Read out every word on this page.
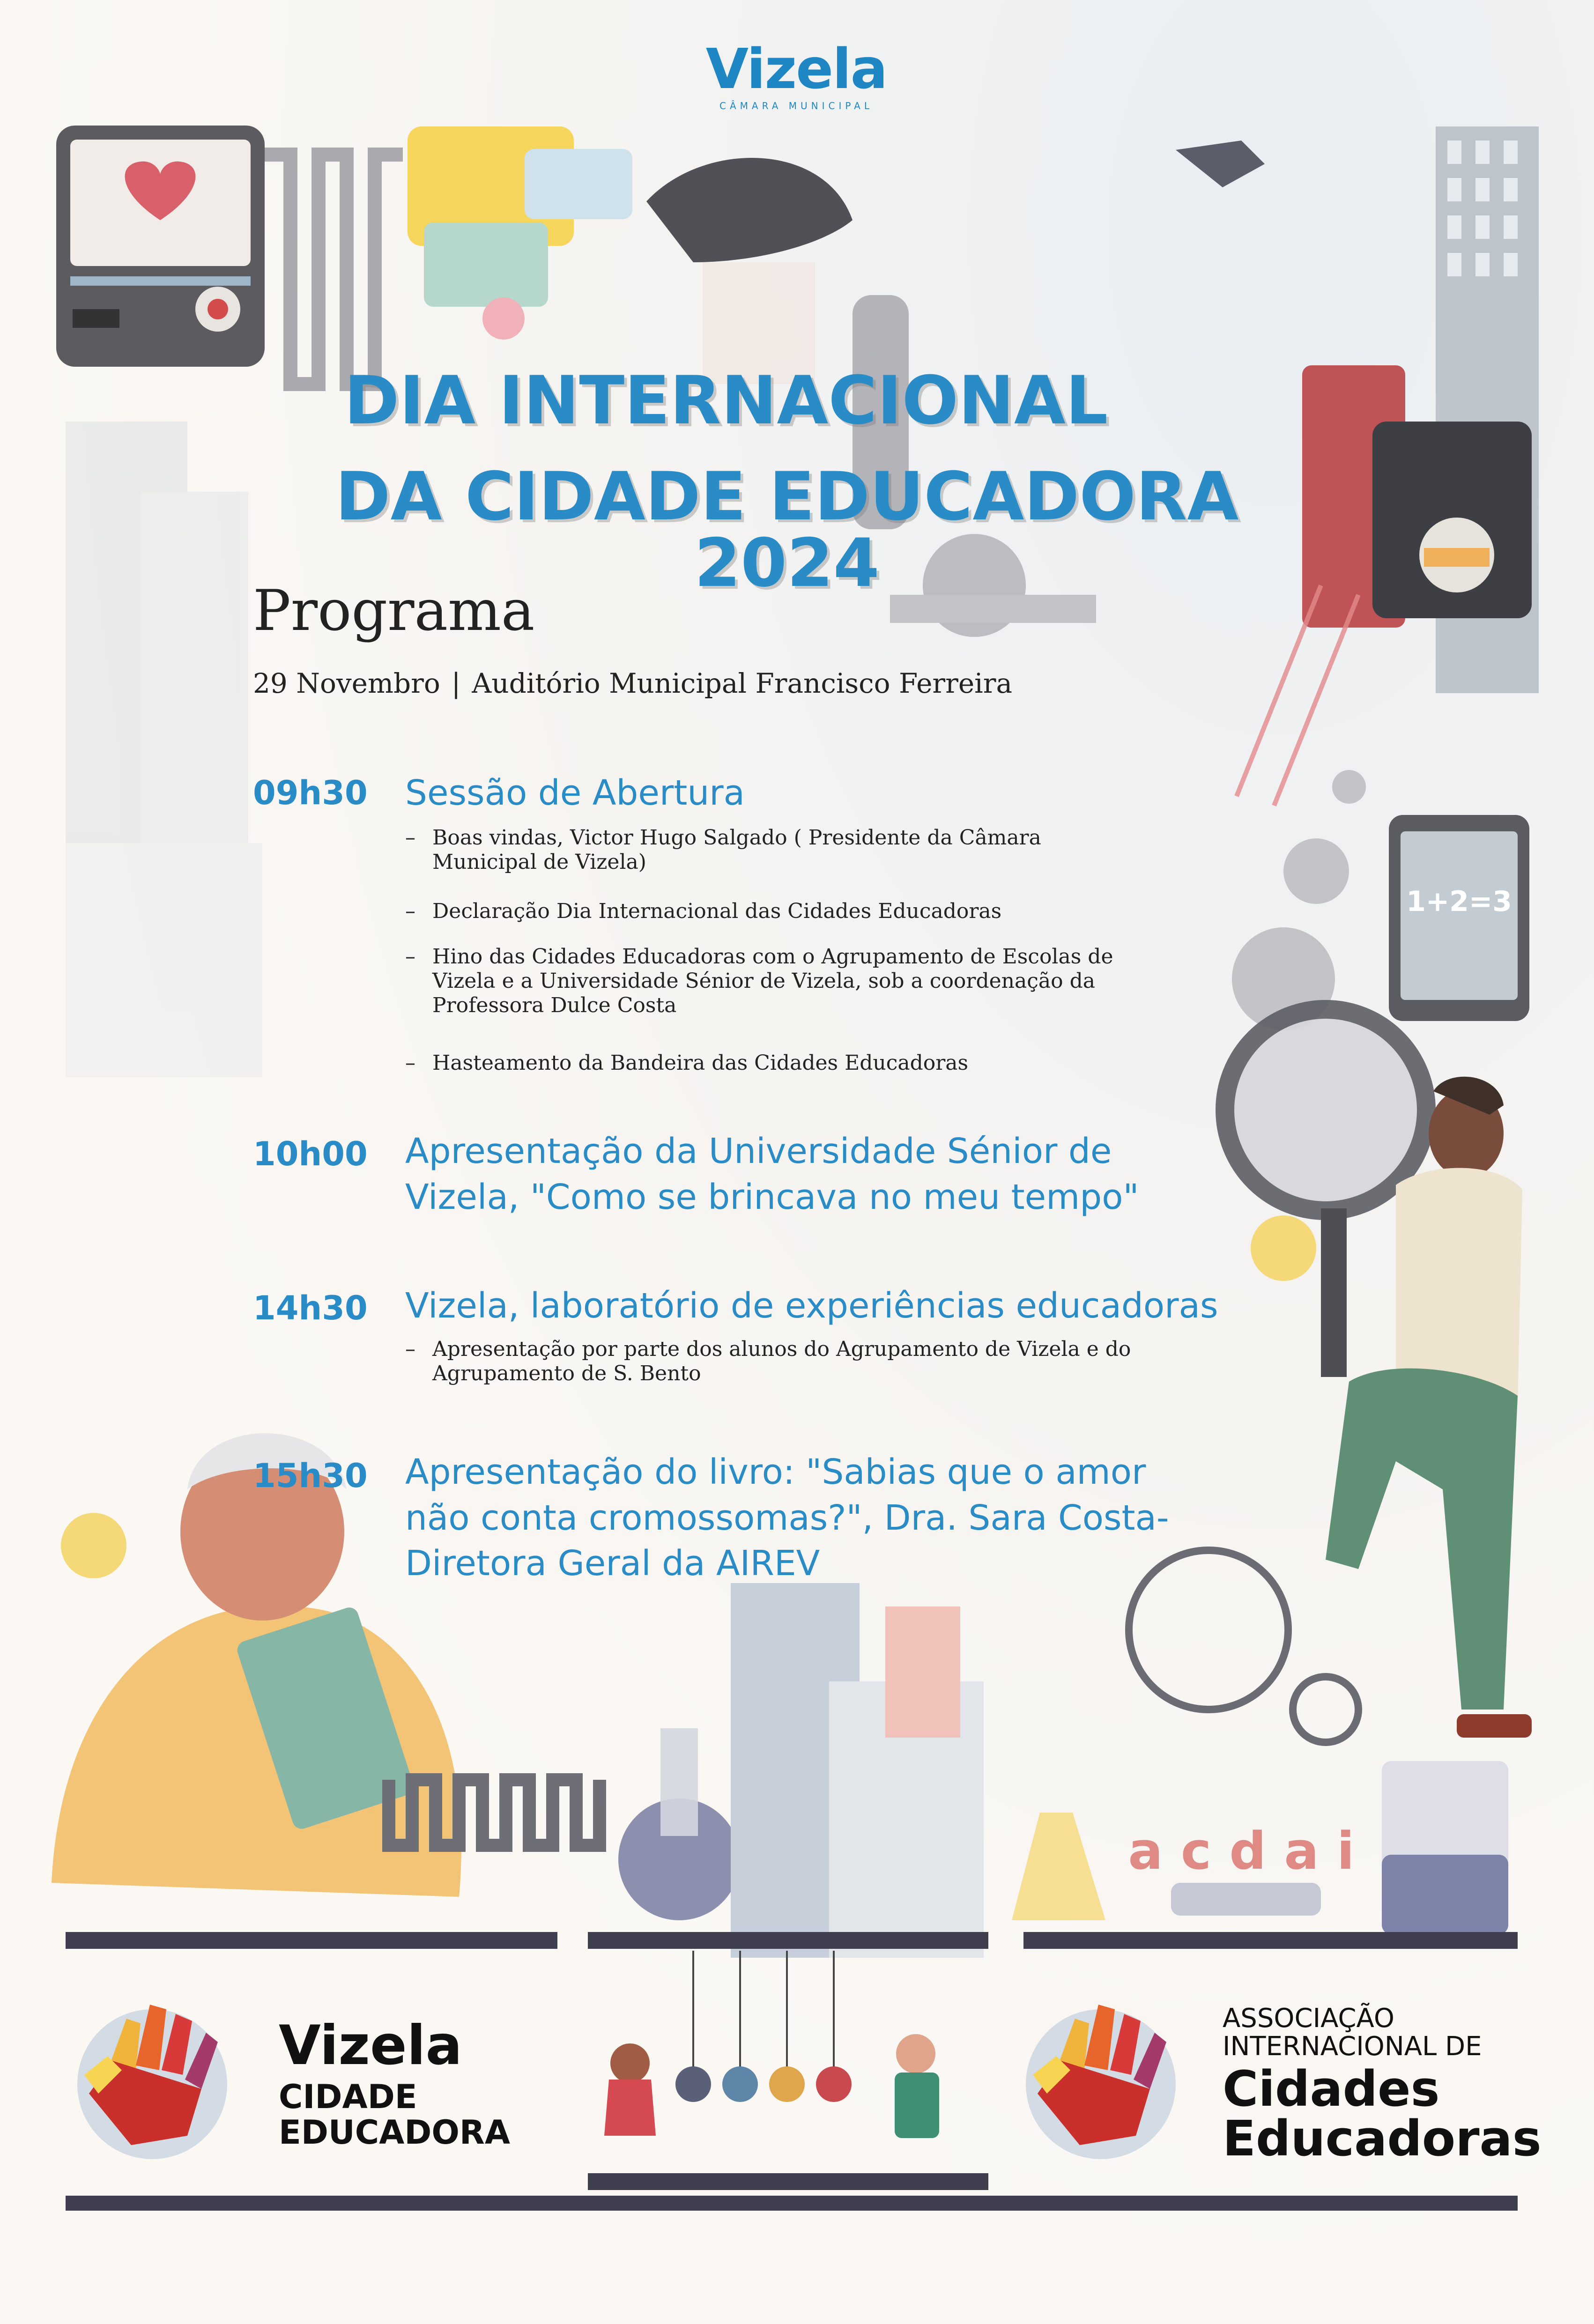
1+2=3
a c d a i
Vizela
CÂMARA MUNICIPAL
DIA INTERNACIONAL
DA CIDADE EDUCADORA 2024
Programa
29 Novembro | Auditório Municipal Francisco Ferreira
09h30 Sessão de Abertura
– Boas vindas, Victor Hugo Salgado ( Presidente da Câmara Municipal de Vizela)
– Declaração Dia Internacional das Cidades Educadoras
– Hino das Cidades Educadoras com o Agrupamento de Escolas de Vizela e a Universidade Sénior de Vizela, sob a coordenação da Professora Dulce Costa
– Hasteamento da Bandeira das Cidades Educadoras
10h00 Apresentação da Universidade Sénior de Vizela, "Como se brincava no meu tempo"
14h30 Vizela, laboratório de experiências educadoras
– Apresentação por parte dos alunos do Agrupamento de Vizela e do Agrupamento de S. Bento
15h30 Apresentação do livro: "Sabias que o amor não conta cromossomas?", Dra. Sara Costa- Diretora Geral da AIREV
Vizela
CIDADE
EDUCADORA
ASSOCIAÇÃO
INTERNACIONAL DE
Cidades
Educadoras
